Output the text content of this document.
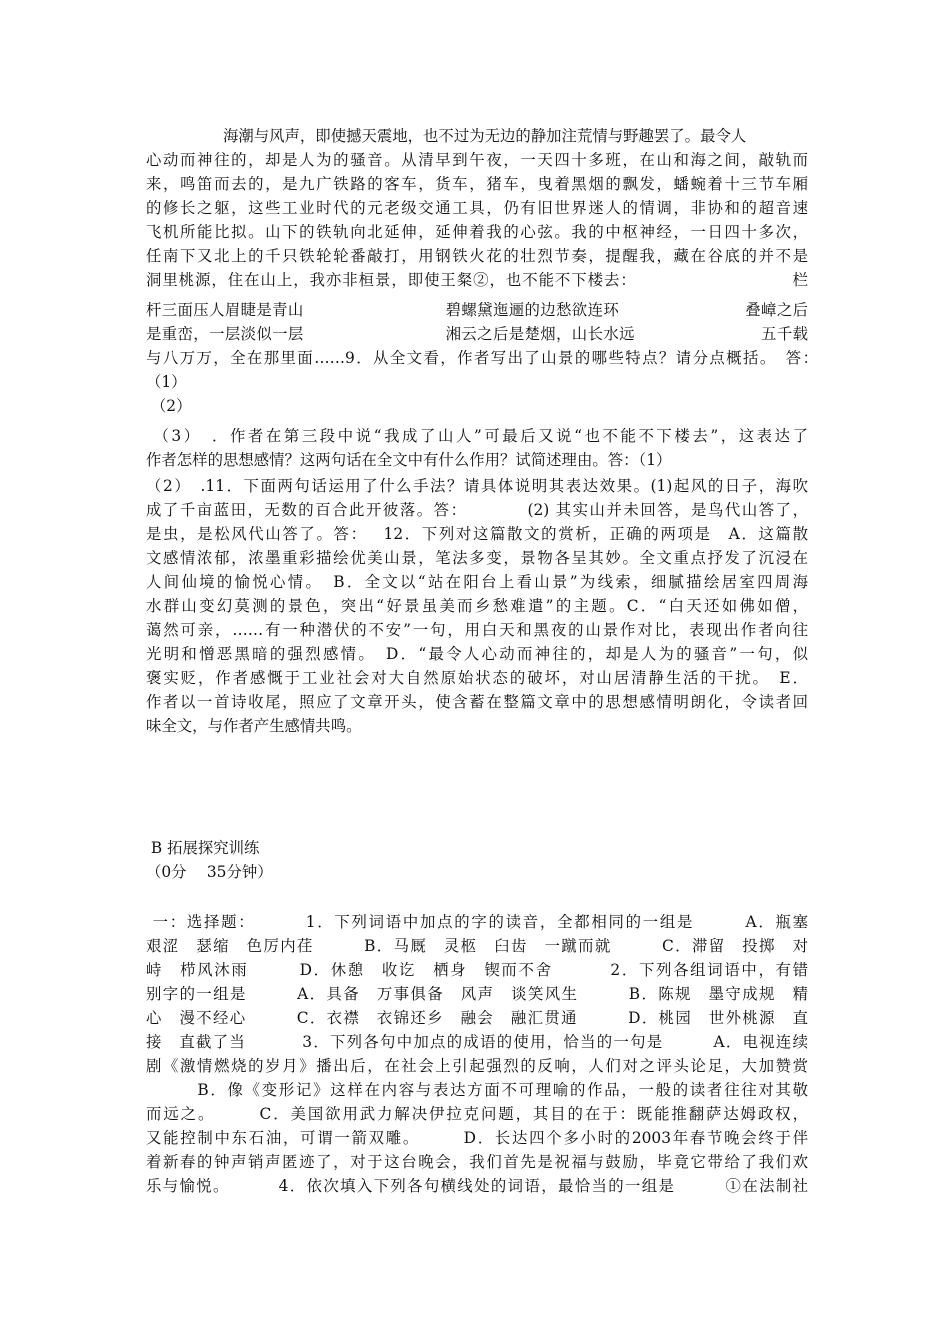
　　　　　海潮与风声，即使撼天震地，也不过为无边的静加注荒情与野趣罢了。最令人
心动而神往的，却是人为的骚音。从清早到午夜，一天四十多班，在山和海之间，敲轨而
来，鸣笛而去的，是九广铁路的客车，货车，猪车，曳着黑烟的飘发，蟠蜿着十三节车厢
的修长之躯，这些工业时代的元老级交通工具，仍有旧世界迷人的情调，非协和的超音速
飞机所能比拟。山下的铁轨向北延伸，延伸着我的心弦。我的中枢神经，一日四十多次，
任南下又北上的千只铁轮轮番敲打，用钢铁火花的壮烈节奏，提醒我，藏在谷底的并不是
洞里桃源，住在山上，我亦非桓景，即使王粲②，也不能不下楼去：　　　　　　　　　　栏
杆三面压人眉睫是青山　　　　　　　　　碧螺黛迤逦的边愁欲连环　　　　　　　　叠嶂之后
是重峦，一层淡似一层　　　　　　　　　湘云之后是楚烟，山长水远　　　　　　　　五千载
与八万万，全在那里面……9．从全文看，作者写出了山景的哪些特点？请分点概括。　答：
（1）
（2）
（3）　．作者在第三段中说“我成了山人”可最后又说“也不能不下楼去”，这表达了
作者怎样的思想感情？这两句话在全文中有什么作用？试简述理由。答：（1）
（2）　.11．下面两句话运用了什么手法？请具体说明其表达效果。(1)起风的日子，海吹
成了千亩蓝田，无数的百合此开彼落。答：　　　　(2) 其实山并未回答，是鸟代山答了，
是虫，是松风代山答了。答：　 12．下列对这篇散文的赏析，正确的两项是　A．这篇散
文感情浓郁，浓墨重彩描绘优美山景，笔法多变，景物各呈其妙。全文重点抒发了沉浸在
人间仙境的愉悦心情。　B．全文以“站在阳台上看山景”为线索，细腻描绘居室四周海
水群山变幻莫测的景色，突出“好景虽美而乡愁难遣”的主题。C．“白天还如佛如僧，
蔼然可亲，……有一种潜伏的不安”一句，用白天和黑夜的山景作对比，表现出作者向往
光明和憎恶黑暗的强烈感情。　D．“最令人心动而神往的，却是人为的骚音”一句，似
褒实贬，作者感慨于工业社会对大自然原始状态的破坏，对山居清静生活的干扰。　E．
作者以一首诗收尾，照应了文章开头，使含蓄在整篇文章中的思想感情明朗化，令读者回
味全文，与作者产生感情共鸣。
B 拓展探究训练
（0分　 35分钟）
一：选择题：　　　 1．下列词语中加点的字的读音，全都相同的一组是　　　A．瓶塞
艰涩　瑟缩　色厉内荏　　　B．马厩　灵柩　臼齿　一蹴而就　　　C．滞留　投掷　对
峙　栉风沐雨　　　D．休憩　收讫　栖身　锲而不舍　　　 2．下列各组词语中，有错
别字的一组是　　　A．具备　万事俱备　风声　谈笑风生　　　B．陈规　墨守成规　精
心　漫不经心　　　C．衣襟　衣锦还乡　融会　融汇贯通　　　D．桃园　世外桃源　直
接　直截了当　　　 3．下列各句中加点的成语的使用，恰当的一句是　　　A．电视连续
剧《激情燃烧的岁月》播出后，在社会上引起强烈的反响，人们对之评头论足，大加赞赏
　　　B．像《变形记》这样在内容与表达方面不可理喻的作品，一般的读者往往对其敬
而远之。　　　C．美国欲用武力解决伊拉克问题，其目的在于：既能推翻萨达姆政权，
又能控制中东石油，可谓一箭双雕。　　　D．长达四个多小时的2003年春节晚会终于伴
着新春的钟声销声匿迹了，对于这台晚会，我们首先是祝福与鼓励，毕竟它带给了我们欢
乐与愉悦。　　　 4．依次填入下列各句横线处的词语，最恰当的一组是　　　①在法制社
